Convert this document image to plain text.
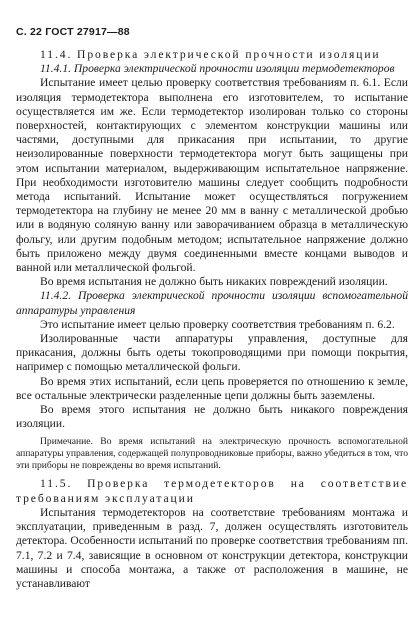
С. 22 ГОСТ 27917—88

11.4. Проверка электрической прочности изоляции

11.4.1. Проверка электрической прочности изоляции термодетекторов

Испытание имеет целью проверку соответствия требованиям п. 6.1. Если изоляция термодетектора выполнена его изготовителем, то испытание осуществляется им же. Если термодетектор изолирован только со стороны поверхностей, контактирующих с элементом конструкции машины или частями, доступными для прикасания при испытании, то другие неизолированные поверхности термодетектора могут быть защищены при этом испытании материалом, выдерживающим испытательное напряжение. При необходимости изготовителю машины следует сообщить подробности метода испытаний. Испытание может осуществляться погружением термодетектора на глубину не менее 20 мм в ванну с металлической дробью или в водяную соляную ванну или заворачиванием образца в металлическую фольгу, или другим подобным методом; испытательное напряжение должно быть приложено между двумя соединенными вместе концами выводов и ванной или металлической фольгой.

Во время испытания не должно быть никаких повреждений изоляции.

11.4.2. Проверка электрической прочности изоляции вспомогательной аппаратуры управления

Это испытание имеет целью проверку соответствия требованиям п. 6.2.

Изолированные части аппаратуры управления, доступные для прикасания, должны быть одеты токопроводящими при помощи покрытия, например с помощью металлической фольги.

Во время этих испытаний, если цепь проверяется по отношению к земле, все остальные электрически разделенные цепи должны быть заземлены.

Во время этого испытания не должно быть никакого повреждения изоляции.

Примечание. Во время испытаний на электрическую прочность вспомогательной аппаратуры управления, содержащей полупроводниковые приборы, важно убедиться в том, что эти приборы не повреждены во время испытаний.

11.5. Проверка термодетекторов на соответствие требованиям эксплуатации

Испытания термодетекторов на соответствие требованиям монтажа и эксплуатации, приведенным в разд. 7, должен осуществлять изготовитель детектора. Особенности испытаний по проверке соответствия требованиям пп. 7.1, 7.2 и 7.4, зависящие в основном от конструкции детектора, конструкции машины и способа монтажа, а также от расположения в машине, не устанавливают
